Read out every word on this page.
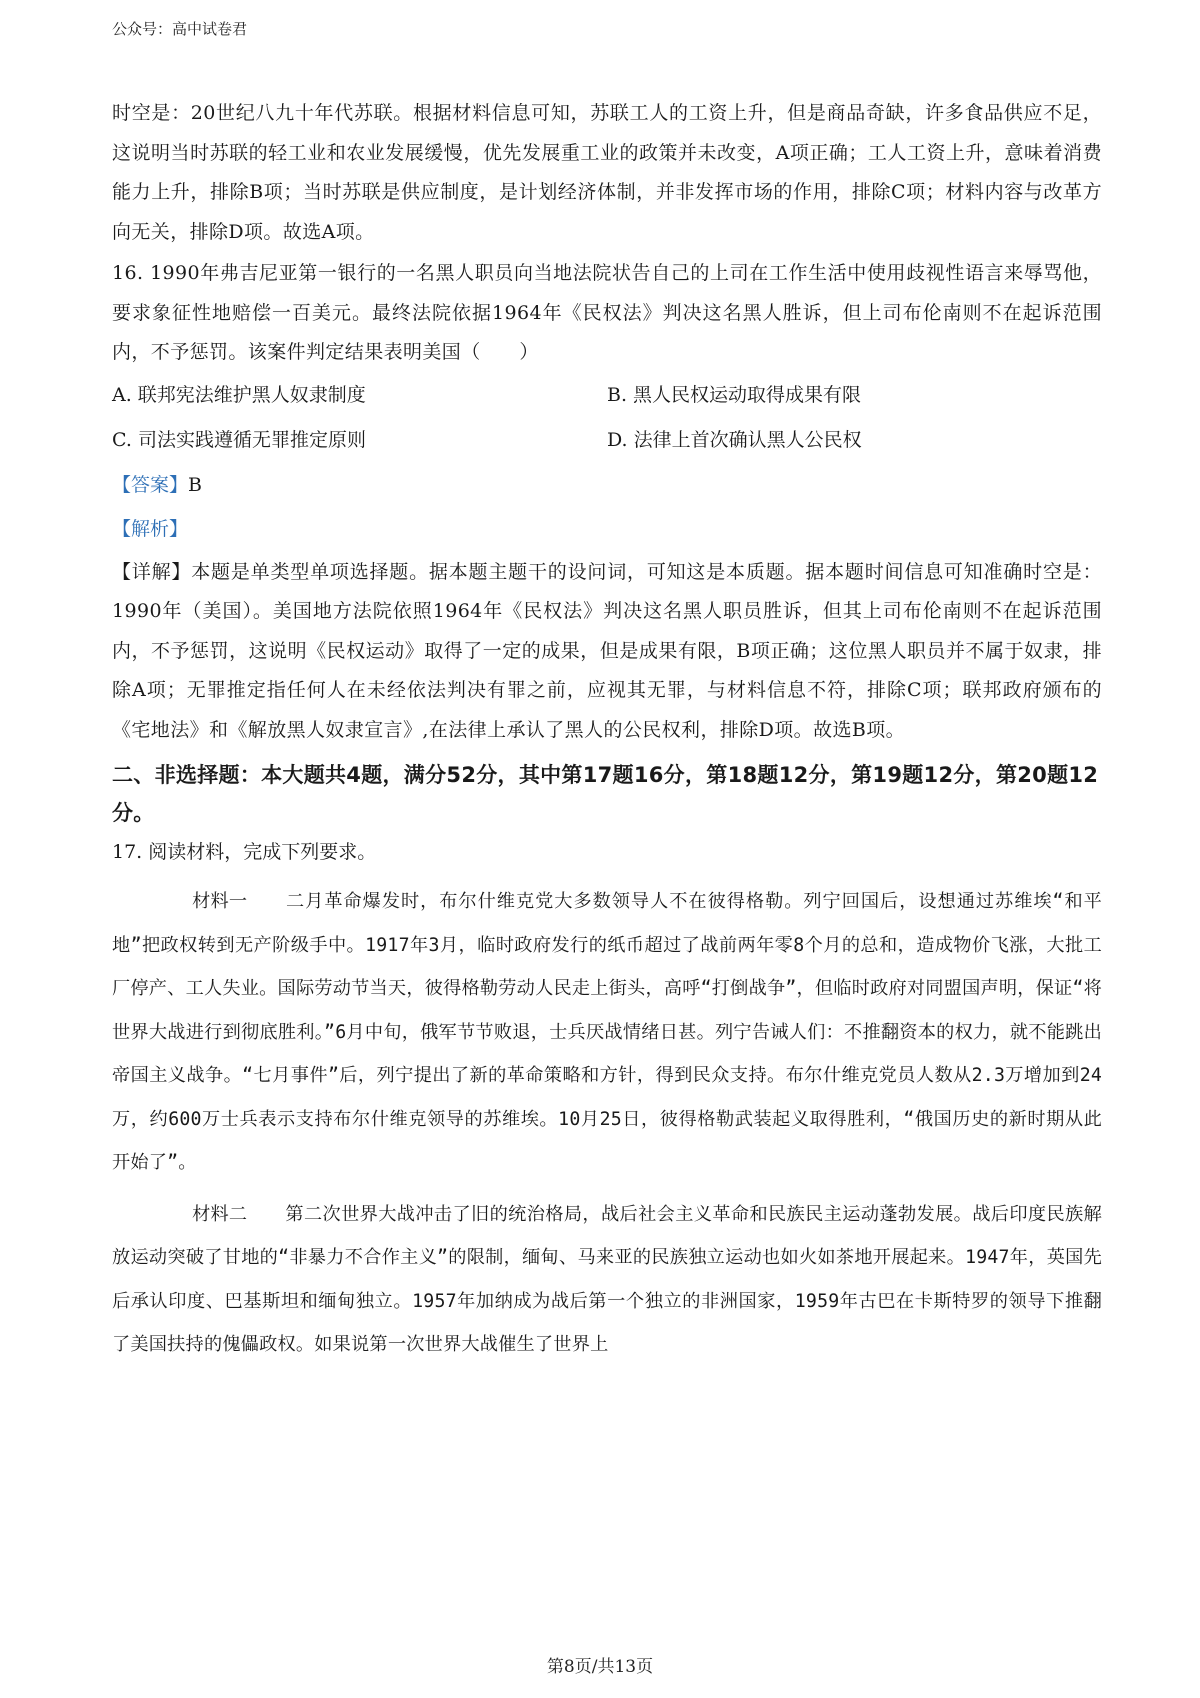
公众号：高中试卷君

时空是：20世纪八九十年代苏联。根据材料信息可知，苏联工人的工资上升，但是商品奇缺，许多食品供应不足，这说明当时苏联的轻工业和农业发展缓慢，优先发展重工业的政策并未改变，A项正确；工人工资上升，意味着消费能力上升，排除B项；当时苏联是供应制度，是计划经济体制，并非发挥市场的作用，排除C项；材料内容与改革方向无关，排除D项。故选A项。

16. 1990年弗吉尼亚第一银行的一名黑人职员向当地法院状告自己的上司在工作生活中使用歧视性语言来辱骂他，要求象征性地赔偿一百美元。最终法院依据1964年《民权法》判决这名黑人胜诉，但上司布伦南则不在起诉范围内，不予惩罚。该案件判定结果表明美国（　　）

A. 联邦宪法维护黑人奴隶制度	B. 黑人民权运动取得成果有限
C. 司法实践遵循无罪推定原则	D. 法律上首次确认黑人公民权
【答案】B
【解析】

【详解】本题是单类型单项选择题。据本题主题干的设问词，可知这是本质题。据本题时间信息可知准确时空是：1990年（美国）。美国地方法院依照1964年《民权法》判决这名黑人职员胜诉，但其上司布伦南则不在起诉范围内，不予惩罚，这说明《民权运动》取得了一定的成果，但是成果有限，B项正确；这位黑人职员并不属于奴隶，排除A项；无罪推定指任何人在未经依法判决有罪之前，应视其无罪，与材料信息不符，排除C项；联邦政府颁布的《宅地法》和《解放黑人奴隶宣言》,在法律上承认了黑人的公民权利，排除D项。故选B项。

二、非选择题：本大题共4题，满分52分，其中第17题16分，第18题12分，第19题12分，第20题12分。
17. 阅读材料，完成下列要求。

材料一 二月革命爆发时，布尔什维克党大多数领导人不在彼得格勒。列宁回国后，设想通过苏维埃“和平地”把政权转到无产阶级手中。1917年3月，临时政府发行的纸币超过了战前两年零8个月的总和，造成物价飞涨，大批工厂停产、工人失业。国际劳动节当天，彼得格勒劳动人民走上街头，高呼“打倒战争”，但临时政府对同盟国声明，保证“将世界大战进行到彻底胜利。”6月中旬，俄军节节败退，士兵厌战情绪日甚。列宁告诫人们：不推翻资本的权力，就不能跳出帝国主义战争。“七月事件”后，列宁提出了新的革命策略和方针，得到民众支持。布尔什维克党员人数从2.3万增加到24万，约600万士兵表示支持布尔什维克领导的苏维埃。10月25日，彼得格勒武装起义取得胜利，“俄国历史的新时期从此开始了”。

材料二 第二次世界大战冲击了旧的统治格局，战后社会主义革命和民族民主运动蓬勃发展。战后印度民族解放运动突破了甘地的“非暴力不合作主义”的限制，缅甸、马来亚的民族独立运动也如火如茶地开展起来。1947年，英国先后承认印度、巴基斯坦和缅甸独立。1957年加纳成为战后第一个独立的非洲国家，1959年古巴在卡斯特罗的领导下推翻了美国扶持的傀儡政权。如果说第一次世界大战催生了世界上

第8页/共13页
